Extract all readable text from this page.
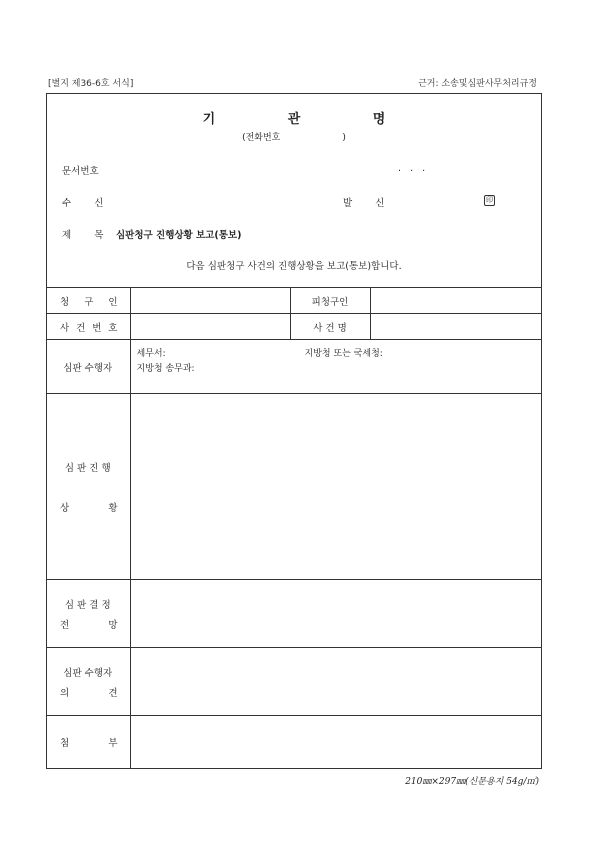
[별지 제36-6호 서식]	근거: 소송및심판사무처리규정
기 관 명
(전화번호	)
문서번호	.   .   .
수 신	발 신	印
제 목 심판청구 진행상황 보고(통보)
다음 심판청구 사건의 진행상황을 보고(통보)합니다.
청 구 인		피청구인	

사 건 번 호		사 건 명	
심판 수행자	세무서: 지방청 또는 국세청:
지방청 송무과:		

심 판 진 행
상 황			

심 판 결 정
전 망			

심판 수행자
의 견			

첨 부			

210㎜×297㎜(신문용지 54g/㎡)
